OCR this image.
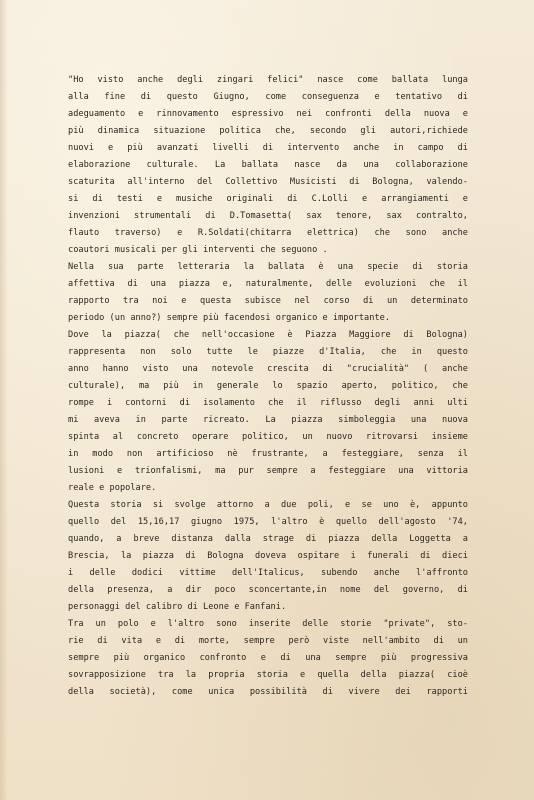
"Ho visto anche degli zingari felici" nasce come ballata lunga
alla fine di questo Giugno, come conseguenza e tentativo di
adeguamento e rinnovamento espressivo nei confronti della nuova e
più dinamica situazione politica che, secondo gli autori,richiede
nuovi e più avanzati livelli di intervento anche in campo di
elaborazione culturale. La ballata nasce da una collaborazione
scaturita all'interno del Collettivo Musicisti di Bologna, valendo-
si di testi e musiche originali di C.Lolli e arrangiamenti e
invenzioni strumentali di D.Tomasetta( sax tenore, sax contralto,
flauto traverso) e R.Soldati(chitarra elettrica) che sono anche
coautori musicali per gli interventi che seguono .
Nella sua parte letteraria la ballata è una specie di storia
affettiva di una piazza e, naturalmente, delle evoluzioni che il
rapporto tra noi e questa subisce nel corso di un determinato
periodo (un anno?) sempre più facendosi organico e importante.
Dove la piazza( che nell'occasione è Piazza Maggiore di Bologna)
rappresenta non solo tutte le piazze d'Italia, che in questo
anno hanno visto una notevole crescita di "crucialità" ( anche
culturale), ma più in generale lo spazio aperto, politico, che
rompe i contorni di isolamento che il riflusso degli anni ulti
mi aveva in parte ricreato. La piazza simboleggia una nuova
spinta al concreto operare politico, un nuovo ritrovarsi insieme
in modo non artificioso nè frustrante, a festeggiare, senza il
lusioni e trionfalismi, ma pur sempre a festeggiare una vittoria
reale e popolare.
Questa storia si svolge attorno a due poli, e se uno è, appunto
quello del 15,16,17 giugno 1975, l'altro è quello dell'agosto '74,
quando, a breve distanza dalla strage di piazza della Loggetta a
Brescia, la piazza di Bologna doveva ospitare i funerali di dieci
i delle dodici vittime dell'Italicus, subendo anche l'affronto
della presenza, a dir poco sconcertante,in nome del governo, di
personaggi del calibro di Leone e Fanfani.
Tra un polo e l'altro sono inserite delle storie "private", sto-
rie di vita e di morte, sempre però viste nell'ambito di un
sempre più organico confronto e di una sempre più progressiva
sovrapposizione tra la propria storia e quella della piazza( cioè
della società), come unica possibilità di vivere dei rapporti
